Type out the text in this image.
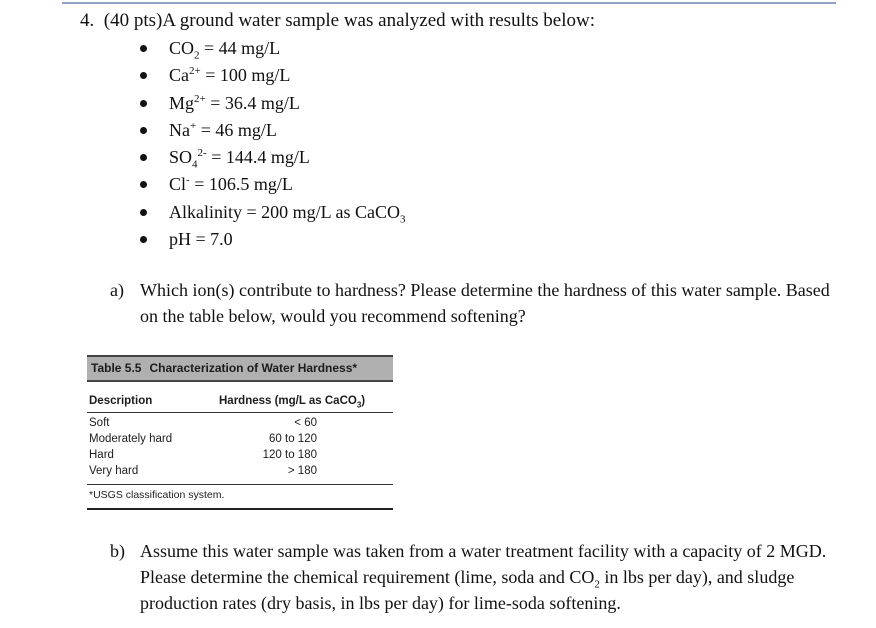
4. (40 pts)A ground water sample was analyzed with results below:
$CO_2 = 44$ mg/L
$Ca^{2+} = 100$ mg/L
$Mg^{2+} = 36.4$ mg/L
Na+ = 46 mg/L
$SO_4^{2-} = 144.4$ mg/L
Cl- = 106.5 mg/L
Alkalinity = 200 mg/L as CaCO$_3$
pH = 7.0
a) Which ion(s) contribute to hardness? Please determine the hardness of this water sample. Based on the table below, would you recommend softening?
Table 5.5 Characterization of Water Hardness*
Description	Hardness (mg/L as CaCO$_3$)
Soft	< 60
Moderately hard	60 to 120
Hard	120 to 180
Very hard	> 180
*USGS classification system.
b) Assume this water sample was taken from a water treatment facility with a capacity of 2 MGD. Please determine the chemical requirement (lime, soda and $CO_2$ in lbs per day), and sludge production rates (dry basis, in lbs per day) for lime-soda softening.
